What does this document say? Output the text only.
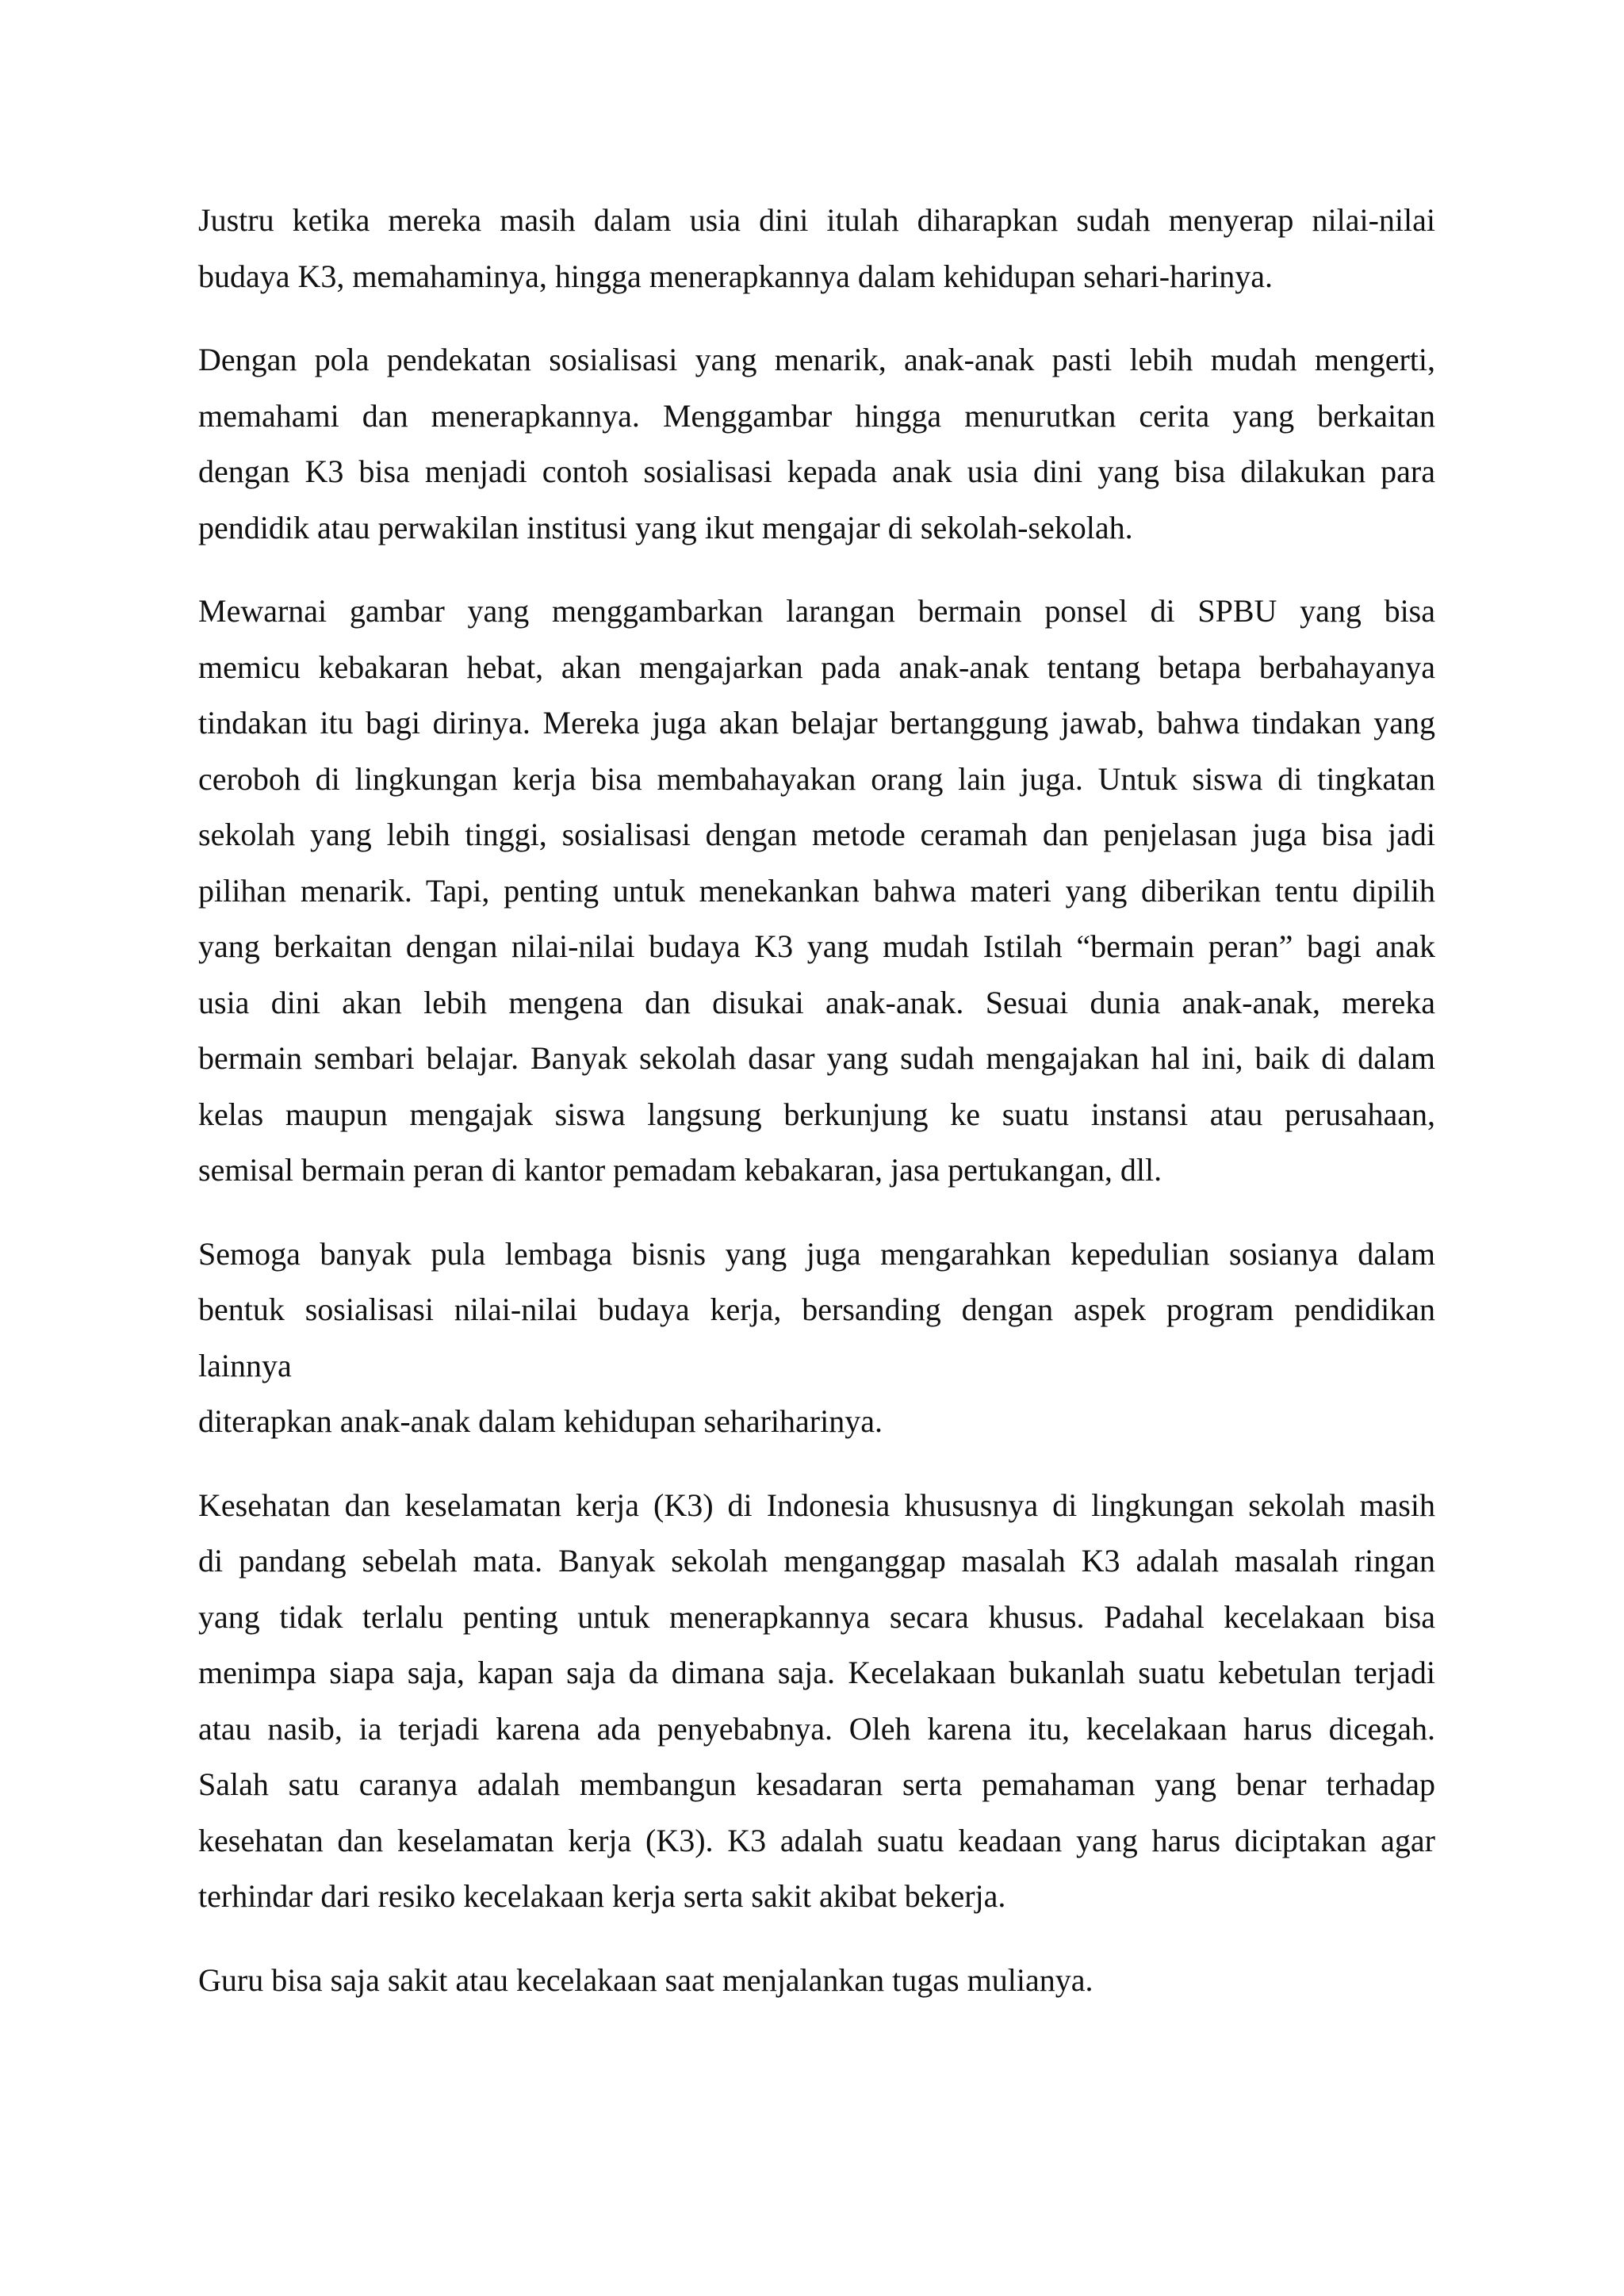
Justru ketika mereka masih dalam usia dini itulah diharapkan sudah menyerap nilai-nilai
budaya K3, memahaminya, hingga menerapkannya dalam kehidupan sehari-harinya.

Dengan pola pendekatan sosialisasi yang menarik, anak-anak pasti lebih mudah mengerti,
memahami dan menerapkannya. Menggambar hingga menurutkan cerita yang berkaitan
dengan K3 bisa menjadi contoh sosialisasi kepada anak usia dini yang bisa dilakukan para
pendidik atau perwakilan institusi yang ikut mengajar di sekolah-sekolah.

Mewarnai gambar yang menggambarkan larangan bermain ponsel di SPBU yang bisa
memicu kebakaran hebat, akan mengajarkan pada anak-anak tentang betapa berbahayanya
tindakan itu bagi dirinya. Mereka juga akan belajar bertanggung jawab, bahwa tindakan yang
ceroboh di lingkungan kerja bisa membahayakan orang lain juga. Untuk siswa di tingkatan
sekolah yang lebih tinggi, sosialisasi dengan metode ceramah dan penjelasan juga bisa jadi
pilihan menarik. Tapi, penting untuk menekankan bahwa materi yang diberikan tentu dipilih
yang berkaitan dengan nilai-nilai budaya K3 yang mudah Istilah “bermain peran” bagi anak
usia dini akan lebih mengena dan disukai anak-anak. Sesuai dunia anak-anak, mereka
bermain sembari belajar. Banyak sekolah dasar yang sudah mengajakan hal ini, baik di dalam
kelas maupun mengajak siswa langsung berkunjung ke suatu instansi atau perusahaan,
semisal bermain peran di kantor pemadam kebakaran, jasa pertukangan, dll.

Semoga banyak pula lembaga bisnis yang juga mengarahkan kepedulian sosianya dalam
bentuk sosialisasi nilai-nilai budaya kerja, bersanding dengan aspek program pendidikan
lainnya

diterapkan anak-anak dalam kehidupan sehariharinya.

Kesehatan dan keselamatan kerja (K3) di Indonesia khususnya di lingkungan sekolah masih
di pandang sebelah mata. Banyak sekolah menganggap masalah K3 adalah masalah ringan
yang tidak terlalu penting untuk menerapkannya secara khusus. Padahal kecelakaan bisa
menimpa siapa saja, kapan saja da dimana saja. Kecelakaan bukanlah suatu kebetulan terjadi
atau nasib, ia terjadi karena ada penyebabnya. Oleh karena itu, kecelakaan harus dicegah.
Salah satu caranya adalah membangun kesadaran serta pemahaman yang benar terhadap
kesehatan dan keselamatan kerja (K3). K3 adalah suatu keadaan yang harus diciptakan agar
terhindar dari resiko kecelakaan kerja serta sakit akibat bekerja.

Guru bisa saja sakit atau kecelakaan saat menjalankan tugas mulianya.
